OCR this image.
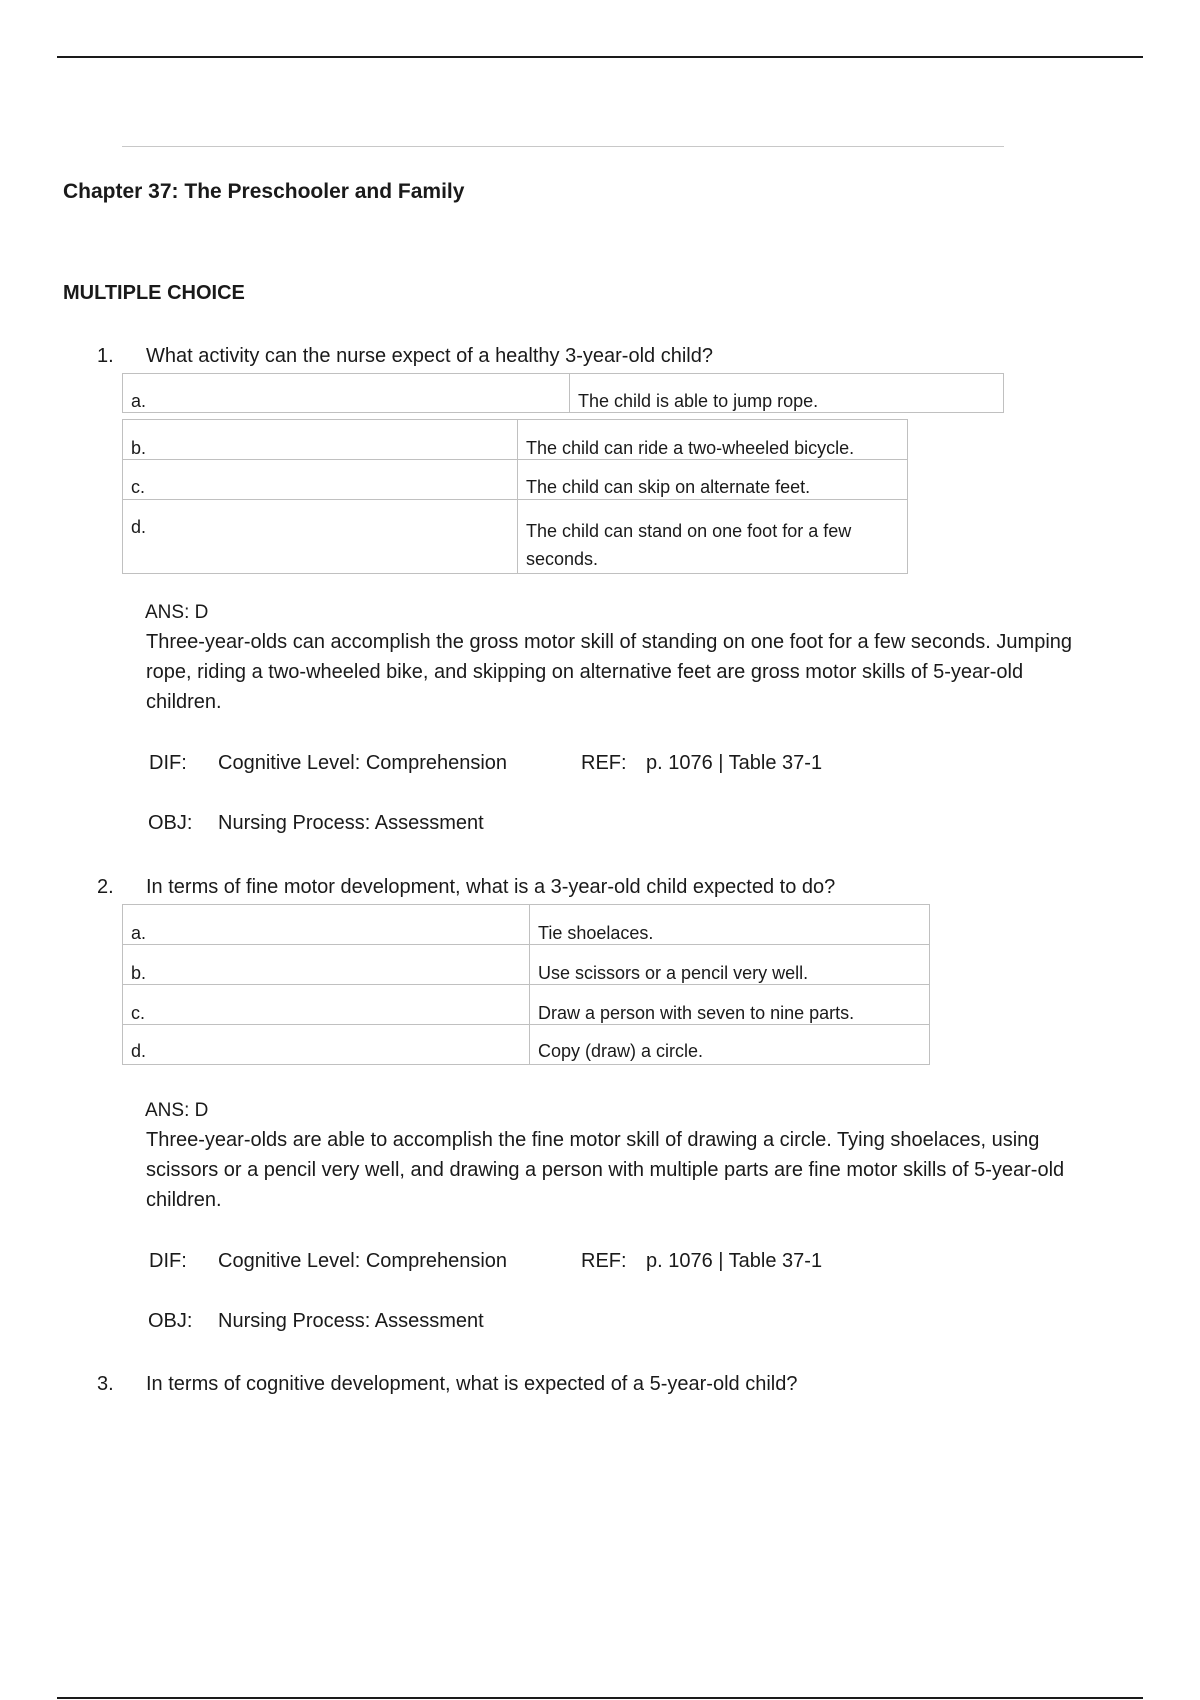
Chapter 37: The Preschooler and Family
MULTIPLE CHOICE
1. What activity can the nurse expect of a healthy 3-year-old child?
a.	The child is able to jump rope.
b.	The child can ride a two-wheeled bicycle.
c.	The child can skip on alternate feet.
d.	The child can stand on one foot for a few seconds.
ANS: D
Three-year-olds can accomplish the gross motor skill of standing on one foot for a few seconds. Jumping rope, riding a two-wheeled bike, and skipping on alternative feet are gross motor skills of 5-year-old children.
DIF: Cognitive Level: Comprehension	REF: p. 1076 | Table 37-1
OBJ: Nursing Process: Assessment
2. In terms of fine motor development, what is a 3-year-old child expected to do?
a.	Tie shoelaces.
b.	Use scissors or a pencil very well.
c.	Draw a person with seven to nine parts.
d.	Copy (draw) a circle.
ANS: D
Three-year-olds are able to accomplish the fine motor skill of drawing a circle. Tying shoelaces, using scissors or a pencil very well, and drawing a person with multiple parts are fine motor skills of 5-year-old children.
DIF: Cognitive Level: Comprehension	REF: p. 1076 | Table 37-1
OBJ: Nursing Process: Assessment
3. In terms of cognitive development, what is expected of a 5-year-old child?
